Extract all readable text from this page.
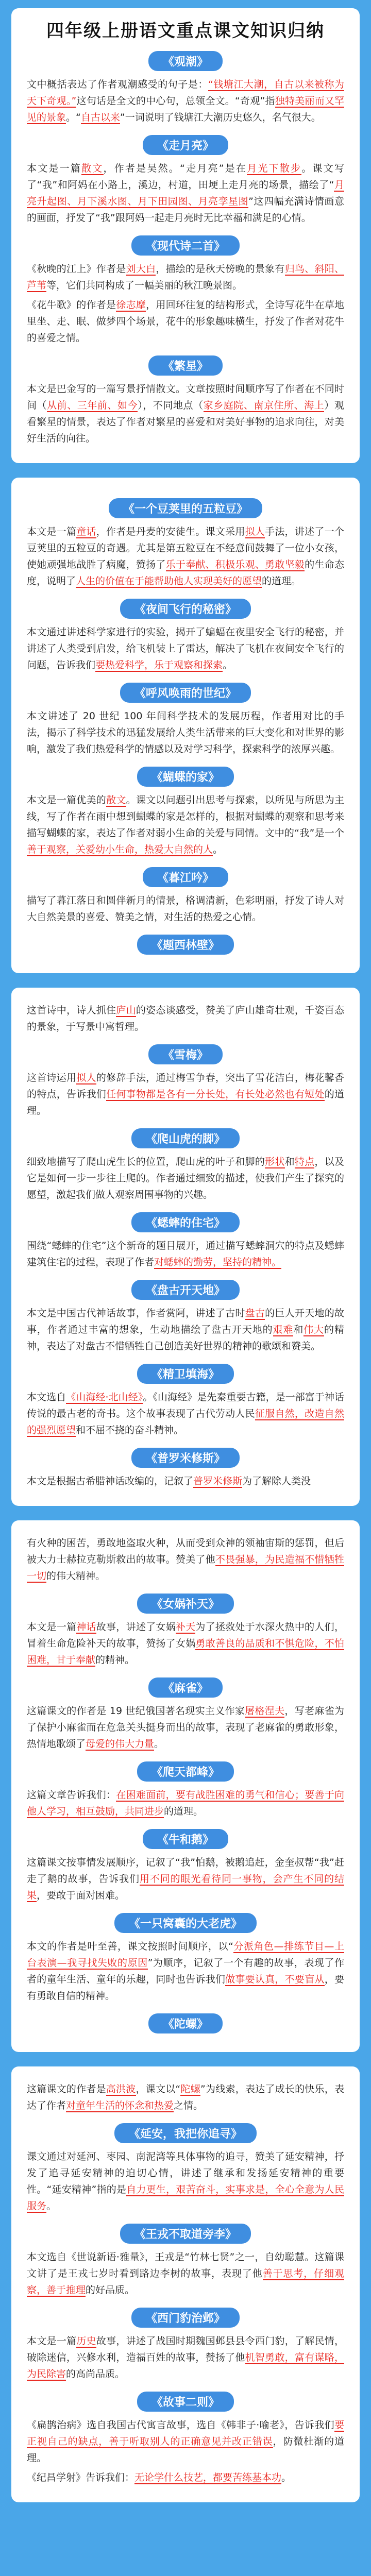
四年级上册语文重点课文知识归纳
《观潮》

文中概括表达了作者观潮感受的句子是：“钱塘江大潮，自古以来被称为天下奇观。”这句话是全文的中心句，总领全文。“奇观”指独特美丽而又罕见的景象。“自古以来”一词说明了钱塘江大潮历史悠久，名气很大。

《走月亮》

本文是一篇散文，作者是吴然。“走月亮”是在月光下散步。课文写了“我”和阿妈在小路上，溪边，村道，田埂上走月亮的场景，描绘了“月亮升起图、月下溪水图、月下田园图、月亮孪星图”这四幅充满诗情画意的画面，抒发了“我”跟阿妈一起走月亮时无比幸福和满足的心情。

《现代诗二首》

《秋晚的江上》作者是刘大白，描绘的是秋天傍晚的景象有归鸟、斜阳、芦苇等，它们共同构成了一幅美丽的秋江晚景图。

《花牛歌》的作者是徐志摩，用回环往复的结构形式，全诗写花牛在草地里坐、走、眠、做梦四个场景，花牛的形象趣味横生，抒发了作者对花牛的喜爱之情。

《繁星》

本文是巴金写的一篇写景抒情散文。文章按照时间顺序写了作者在不同时间（从前、三年前、如今），不同地点（家乡庭院、南京住所、海上）观看繁星的情景，表达了作者对繁星的喜爱和对美好事物的追求向往，对美好生活的向往。

《一个豆荚里的五粒豆》

本文是一篇童话，作者是丹麦的安徒生。课文采用拟人手法，讲述了一个豆荚里的五粒豆的奇遇。尤其是第五粒豆在不经意间鼓舞了一位小女孩，使她顽强地战胜了病魔，赞扬了乐于奉献、积极乐观、勇敢坚毅的生命态度，说明了人生的价值在于能帮助他人实现美好的愿望的道理。

《夜间飞行的秘密》

本文通过讲述科学家进行的实验，揭开了蝙蝠在夜里安全飞行的秘密，并讲述了人类受到启发，给飞机装上了雷达，解决了飞机在夜间安全飞行的问题，告诉我们要热爱科学，乐于观察和探索。

《呼风唤雨的世纪》

本文讲述了 20 世纪 100 年间科学技术的发展历程，作者用对比的手法，揭示了科学技术的迅猛发展给人类生活带来的巨大变化和对世界的影响，激发了我们热爱科学的情感以及对学习科学，探索科学的浓厚兴趣。

《蝴蝶的家》

本文是一篇优美的散文。课文以问题引出思考与探索，以所见与所思为主线，写了作者在雨中想到蝴蝶的家是怎样的，根据对蝴蝶的观察和思考来描写蝴蝶的家，表达了作者对弱小生命的关爱与同情。文中的“我”是一个善于观察，关爱幼小生命，热爱大自然的人。

《暮江吟》

描写了暮江落日和圆伴新月的情景，格调清新，色彩明丽，抒发了诗人对大自然美景的喜爱、赞美之情，对生活的热爱之心情。

《题西林壁》

这首诗中，诗人抓住庐山的姿态谈感受，赞美了庐山雄奇壮观，千姿百态的景象，于写景中寓哲理。

《雪梅》

这首诗运用拟人的修辞手法，通过梅雪争春，突出了雪花洁白，梅花馨香的特点，告诉我们任何事物都是各有一分长处，有长处必然也有短处的道理。

《爬山虎的脚》

细致地描写了爬山虎生长的位置，爬山虎的叶子和脚的形状和特点，以及它是如何一步一步往上爬的。作者通过细致的描述，使我们产生了探究的愿望，激起我们做人观察周围事物的兴趣。

《蟋蟀的住宅》

围绕“蟋蟀的住宅”这个新奇的题目展开，通过描写蟋蟀洞穴的特点及蟋蟀建筑住宅的过程，表现了作者对蟋蟀的勤劳，坚持的精神。

《盘古开天地》

本文是中国古代神话故事，作者赏阿，讲述了古时盘古的巨人开天地的故事，作者通过丰富的想象，生动地描绘了盘古开天地的艰难和伟大的精神，表达了对盘古不惜牺牲自己创造美好世界的精神的歌颂和赞美。

《精卫填海》

本文选自《山海经·北山经》。《山海经》是先秦重要古籍，是一部富于神话传说的最古老的奇书。这个故事表现了古代劳动人民征服自然，改造自然的强烈愿望和不屈不挠的奋斗精神。

《普罗米修斯》

本文是根据古希腊神话改编的，记叙了普罗米修斯为了解除人类没

有火种的困苦，勇敢地盗取火种，从而受到众神的领袖宙斯的惩罚，但后被大力士赫拉克勒斯救出的故事。赞美了他不畏强暴，为民造福不惜牺牲一切的伟大精神。

《女娲补天》

本文是一篇神话故事，讲述了女娲补天为了拯救处于水深火热中的人们，冒着生命危险补天的故事，赞扬了女娲勇敢善良的品质和不惧危险，不怕困难，甘于奉献的精神。

《麻雀》

这篇课文的作者是 19 世纪俄国著名现实主义作家屠格涅夫，写老麻雀为了保护小麻雀而在危急关头挺身而出的故事，表现了老麻雀的勇敢形象，热情地歌颂了母爱的伟大力量。

《爬天都峰》

这篇文章告诉我们：在困难面前，要有战胜困难的勇气和信心；要善于向他人学习，相互鼓励，共同进步的道理。

《牛和鹅》

这篇课文按事情发展顺序，记叙了“我”怕鹅，被鹅追赶，金奎叔帮“我”赶走了鹅的故事，告诉我们用不同的眼光看待同一事物，会产生不同的结果，要敢于面对困难。

《一只窝囊的大老虎》

本文的作者是叶至善，课文按照时间顺序，以“分派角色—排练节目—上台表演—我寻找失败的原因”为顺序，记叙了一个有趣的故事，表现了作者的童年生活、童年的乐趣，同时也告诉我们做事要认真，不要盲从，要有勇敢自信的精神。

《陀螺》

这篇课文的作者是高洪波，课文以“陀螺”为线索，表达了成长的快乐，表达了作者对童年生活的怀念和热爱之情。

《延安，我把你追寻》

课文通过对延河、枣园、南泥湾等具体事物的追寻，赞美了延安精神，抒发了追寻延安精神的迫切心情，讲述了继承和发扬延安精神的重要性。“延安精神”指的是自力更生，艰苦奋斗，实事求是，全心全意为人民服务。

《王戎不取道旁李》

本文选自《世说新语·雅量》，王戎是“竹林七贤”之一，自幼聪慧。这篇课文讲了是王戎七岁时看到路边李树的故事，表现了他善于思考，仔细观察，善于推理的好品质。

《西门豹治邺》

本文是一篇历史故事，讲述了战国时期魏国邺县县令西门豹，了解民情，破除迷信，兴修水利，造福百姓的故事，赞扬了他机智勇敢，富有谋略，为民除害的高尚品质。

《故事二则》

《扁鹊治病》选自我国古代寓言故事，选自《韩非子·喻老》，告诉我们要正视自己的缺点，善于听取别人的正确意见并改正错误，防微杜渐的道理。

《纪昌学射》告诉我们：无论学什么技艺，都要苦练基本功。
